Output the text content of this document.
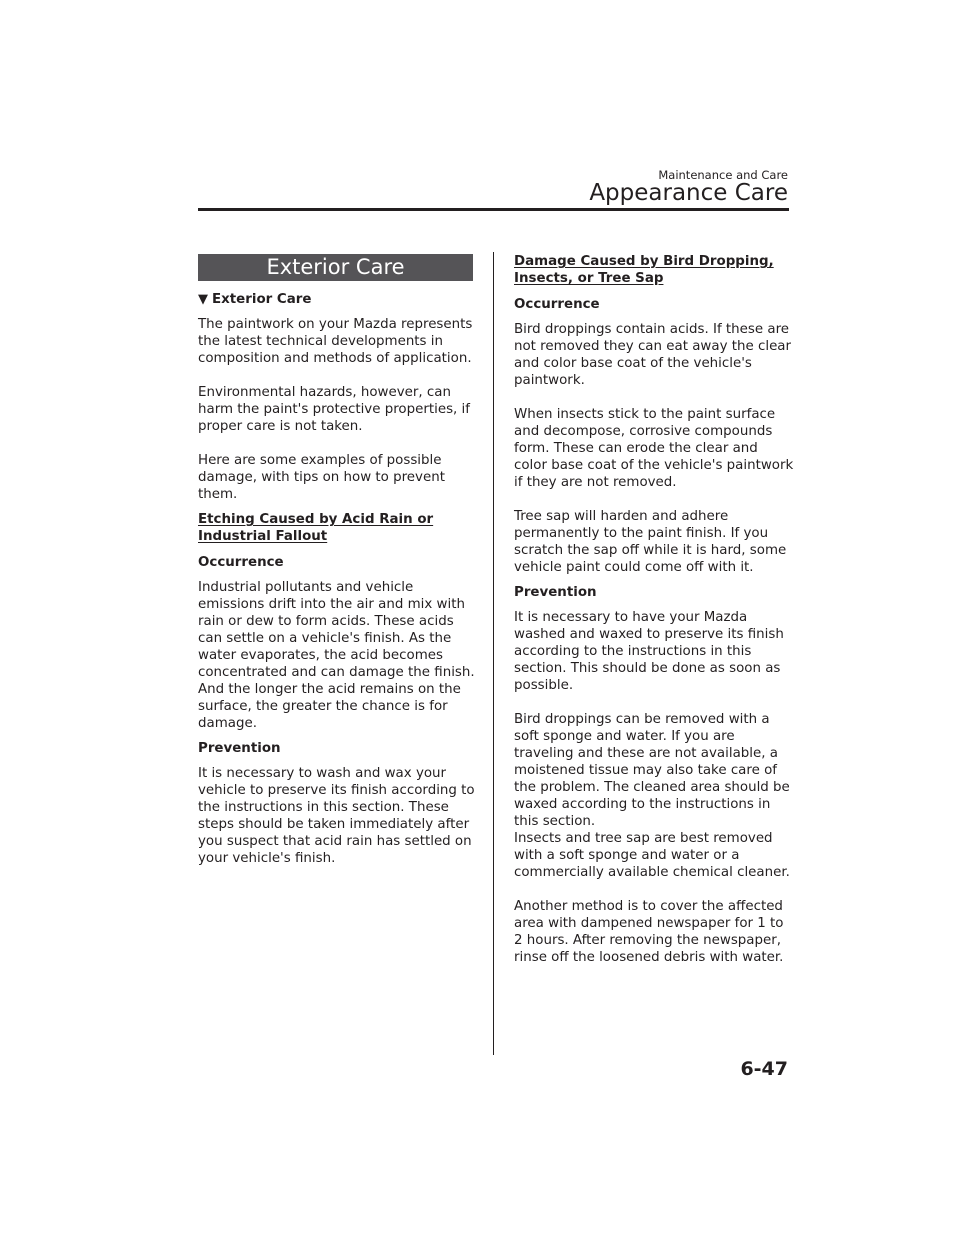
Maintenance and Care
Appearance Care
Exterior Care
▼ Exterior Care

The paintwork on your Mazda represents the latest technical developments in composition and methods of application.

Environmental hazards, however, can harm the paint's protective properties, if proper care is not taken.

Here are some examples of possible damage, with tips on how to prevent them.

Etching Caused by Acid Rain or Industrial Fallout
Occurrence

Industrial pollutants and vehicle emissions drift into the air and mix with rain or dew to form acids. These acids can settle on a vehicle's finish. As the water evaporates, the acid becomes concentrated and can damage the finish.

And the longer the acid remains on the surface, the greater the chance is for damage.

Prevention

It is necessary to wash and wax your vehicle to preserve its finish according to the instructions in this section. These steps should be taken immediately after you suspect that acid rain has settled on your vehicle's finish.

Damage Caused by Bird Dropping, Insects, or Tree Sap
Occurrence

Bird droppings contain acids. If these are not removed they can eat away the clear and color base coat of the vehicle's paintwork.

When insects stick to the paint surface and decompose, corrosive compounds form. These can erode the clear and color base coat of the vehicle's paintwork if they are not removed.

Tree sap will harden and adhere permanently to the paint finish. If you scratch the sap off while it is hard, some vehicle paint could come off with it.

Prevention

It is necessary to have your Mazda washed and waxed to preserve its finish according to the instructions in this section. This should be done as soon as possible.

Bird droppings can be removed with a soft sponge and water. If you are traveling and these are not available, a moistened tissue may also take care of the problem. The cleaned area should be waxed according to the instructions in this section.

Insects and tree sap are best removed with a soft sponge and water or a commercially available chemical cleaner.

Another method is to cover the affected area with dampened newspaper for 1 to 2 hours. After removing the newspaper, rinse off the loosened debris with water.

6-47
